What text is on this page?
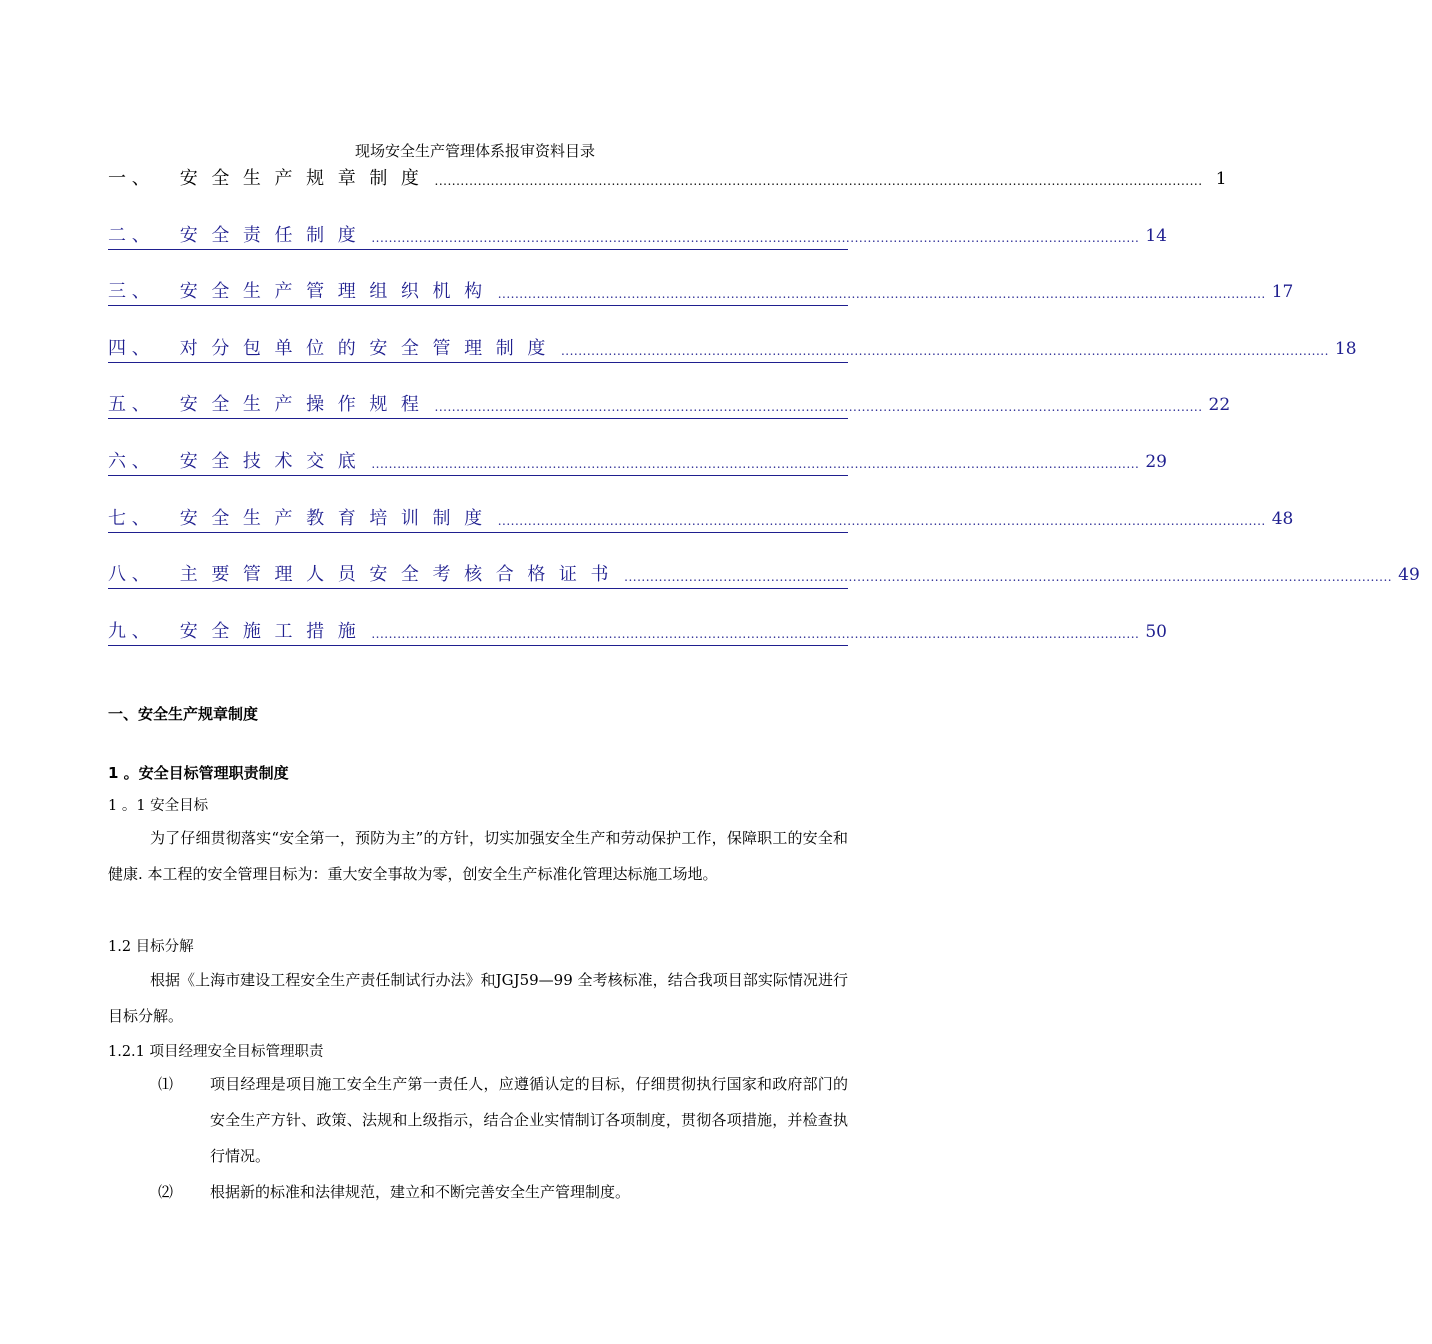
现场安全生产管理体系报审资料目录
一 、 安全生产规章制度 .................................................................................................................................................................................. 1
二 、 安全责任制度 .................................................................................................................................................................................. 14
三 、 安全生产管理组织机构 .................................................................................................................................................................................. 17
四 、 对分包单位的安全管理制度 .................................................................................................................................................................................. 18
五 、 安全生产操作规程 .................................................................................................................................................................................. 22
六 、 安全技术交底 .................................................................................................................................................................................. 29
七 、 安全生产教育培训制度 .................................................................................................................................................................................. 48
八 、 主要管理人员安全考核合格证书 .................................................................................................................................................................................. 49
九 、 安全施工措施 .................................................................................................................................................................................. 50
一、安全生产规章制度
1 。安全目标管理职责制度
1 。1 安全目标
为了仔细贯彻落实“安全第一，预防为主”的方针，切实加强安全生产和劳动保护工作，保障职工的安全和健康. 本工程的安全管理目标为：重大安全事故为零，创安全生产标准化管理达标施工场地。
1.2 目标分解
根据《上海市建设工程安全生产责任制试行办法》和JGJ59—99 全考核标准，结合我项目部实际情况进行目标分解。
1.2.1 项目经理安全目标管理职责
⑴	项目经理是项目施工安全生产第一责任人，应遵循认定的目标，仔细贯彻执行国家和政府部门的安全生产方针、政策、法规和上级指示，结合企业实情制订各项制度，贯彻各项措施，并检查执行情况。
⑵	根据新的标准和法律规范，建立和不断完善安全生产管理制度。
